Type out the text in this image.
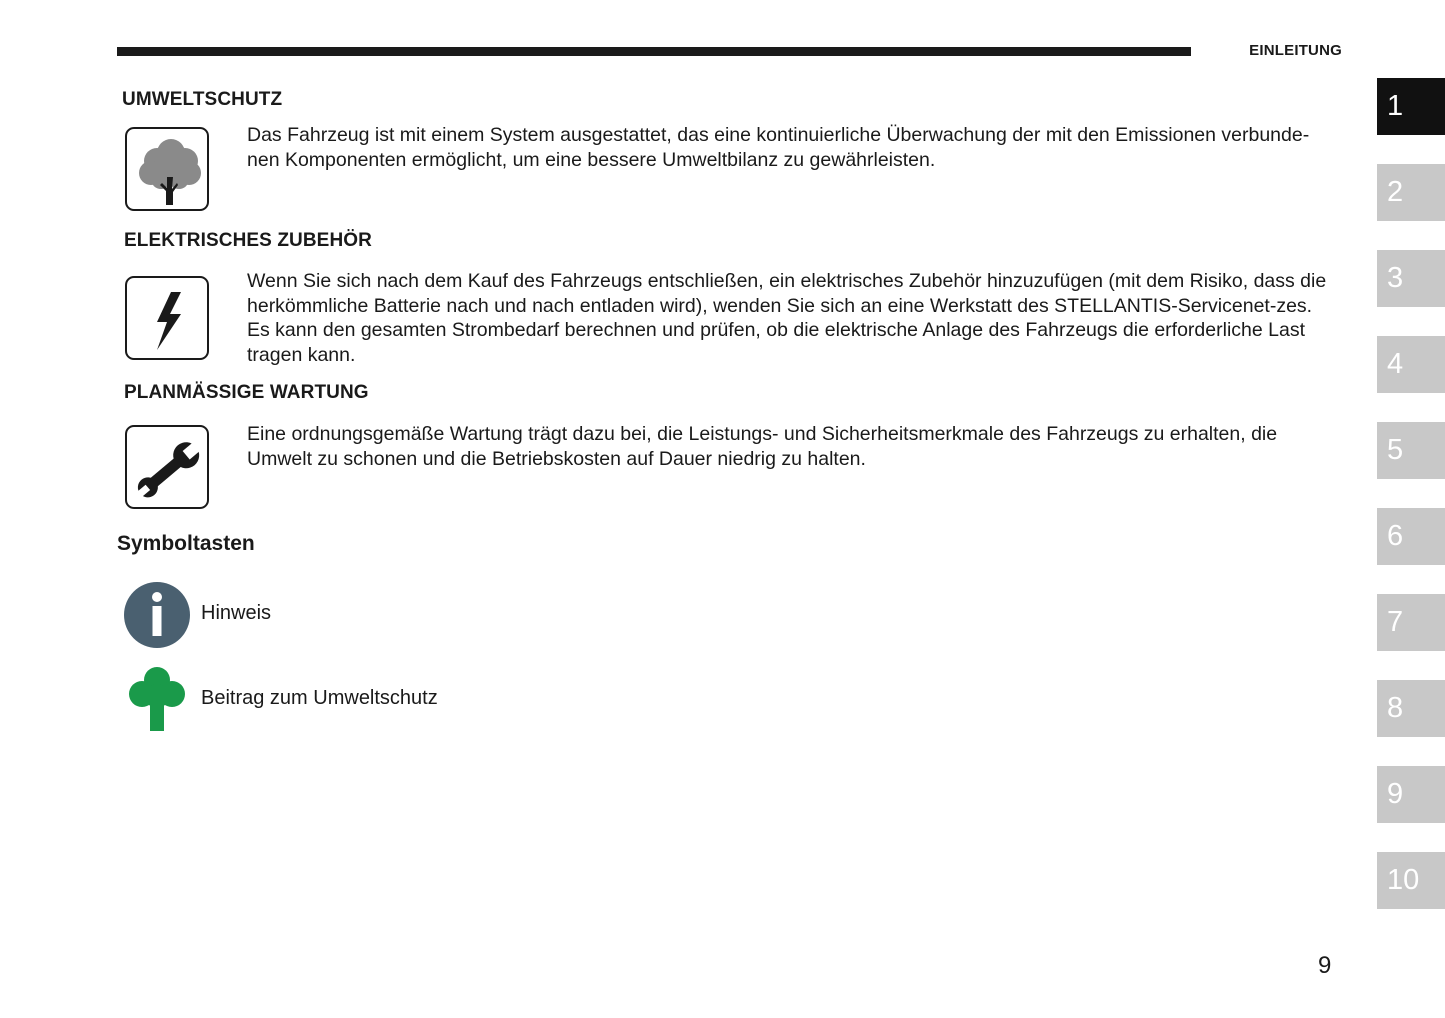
EINLEITUNG
UMWELTSCHUTZ
Das Fahrzeug ist mit einem System ausgestattet, das eine kontinuierliche Überwachung der mit den Emissionen verbunde-nen Komponenten ermöglicht, um eine bessere Umweltbilanz zu gewährleisten.
ELEKTRISCHES ZUBEHÖR
Wenn Sie sich nach dem Kauf des Fahrzeugs entschließen, ein elektrisches Zubehör hinzuzufügen (mit dem Risiko, dass die herkömmliche Batterie nach und nach entladen wird), wenden Sie sich an eine Werkstatt des STELLANTIS-Servicenet-zes. Es kann den gesamten Strombedarf berechnen und prüfen, ob die elektrische Anlage des Fahrzeugs die erforderliche Last tragen kann.
PLANMÄSSIGE WARTUNG
Eine ordnungsgemäße Wartung trägt dazu bei, die Leistungs- und Sicherheitsmerkmale des Fahrzeugs zu erhalten, die Umwelt zu schonen und die Betriebskosten auf Dauer niedrig zu halten.
Symboltasten
Hinweis
Beitrag zum Umweltschutz
1
2
3
4
5
6
7
8
9
10
9
